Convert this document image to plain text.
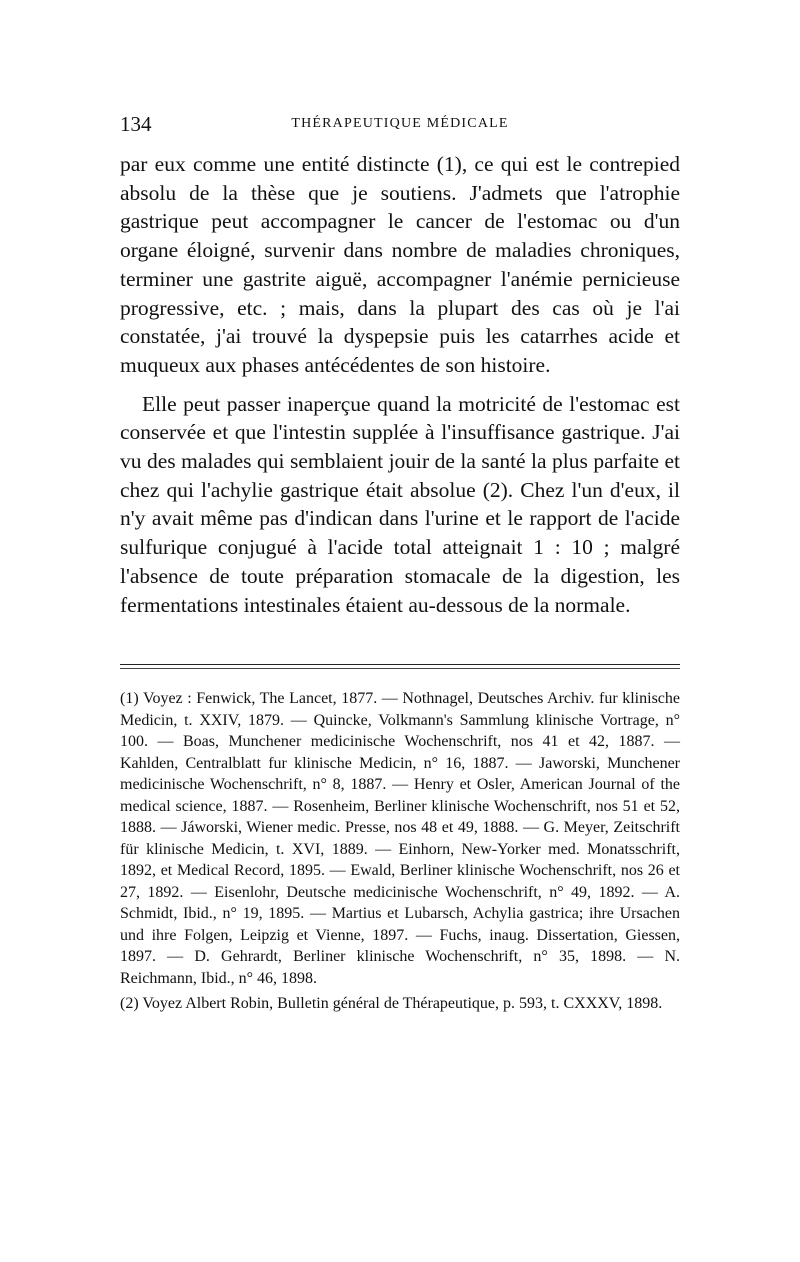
134	THÉRAPEUTIQUE MÉDICALE

par eux comme une entité distincte (1), ce qui est le contrepied absolu de la thèse que je soutiens. J'admets que l'atrophie gastrique peut accompagner le cancer de l'estomac ou d'un organe éloigné, survenir dans nombre de maladies chroniques, terminer une gastrite aiguë, accompagner l'anémie pernicieuse progressive, etc. ; mais, dans la plupart des cas où je l'ai constatée, j'ai trouvé la dyspepsie puis les catarrhes acide et muqueux aux phases antécédentes de son histoire.

Elle peut passer inaperçue quand la motricité de l'estomac est conservée et que l'intestin supplée à l'insuffisance gastrique. J'ai vu des malades qui semblaient jouir de la santé la plus parfaite et chez qui l'achylie gastrique était absolue (2). Chez l'un d'eux, il n'y avait même pas d'indican dans l'urine et le rapport de l'acide sulfurique conjugué à l'acide total atteignait 1 : 10 ; malgré l'absence de toute préparation stomacale de la digestion, les fermentations intestinales étaient au-dessous de la normale.

(1) Voyez : Fenwick, The Lancet, 1877. — Nothnagel, Deutsches Archiv. fur klinische Medicin, t. XXIV, 1879. — Quincke, Volkmann's Sammlung klinische Vortrage, n° 100. — Boas, Munchener medicinische Wochenschrift, nos 41 et 42, 1887. — Kahlden, Centralblatt fur klinische Medicin, n° 16, 1887. — Jaworski, Munchener medicinische Wochenschrift, n° 8, 1887. — Henry et Osler, American Journal of the medical science, 1887. — Rosenheim, Berliner klinische Wochenschrift, nos 51 et 52, 1888. — Jáworski, Wiener medic. Presse, nos 48 et 49, 1888. — G. Meyer, Zeitschrift für klinische Medicin, t. XVI, 1889. — Einhorn, New-Yorker med. Monatsschrift, 1892, et Medical Record, 1895. — Ewald, Berliner klinische Wochenschrift, nos 26 et 27, 1892. — Eisenlohr, Deutsche medicinische Wochenschrift, n° 49, 1892. — A. Schmidt, Ibid., n° 19, 1895. — Martius et Lubarsch, Achylia gastrica; ihre Ursachen und ihre Folgen, Leipzig et Vienne, 1897. — Fuchs, inaug. Dissertation, Giessen, 1897. — D. Gehrardt, Berliner klinische Wochenschrift, n° 35, 1898. — N. Reichmann, Ibid., n° 46, 1898.

(2) Voyez Albert Robin, Bulletin général de Thérapeutique, p. 593, t. CXXXV, 1898.
